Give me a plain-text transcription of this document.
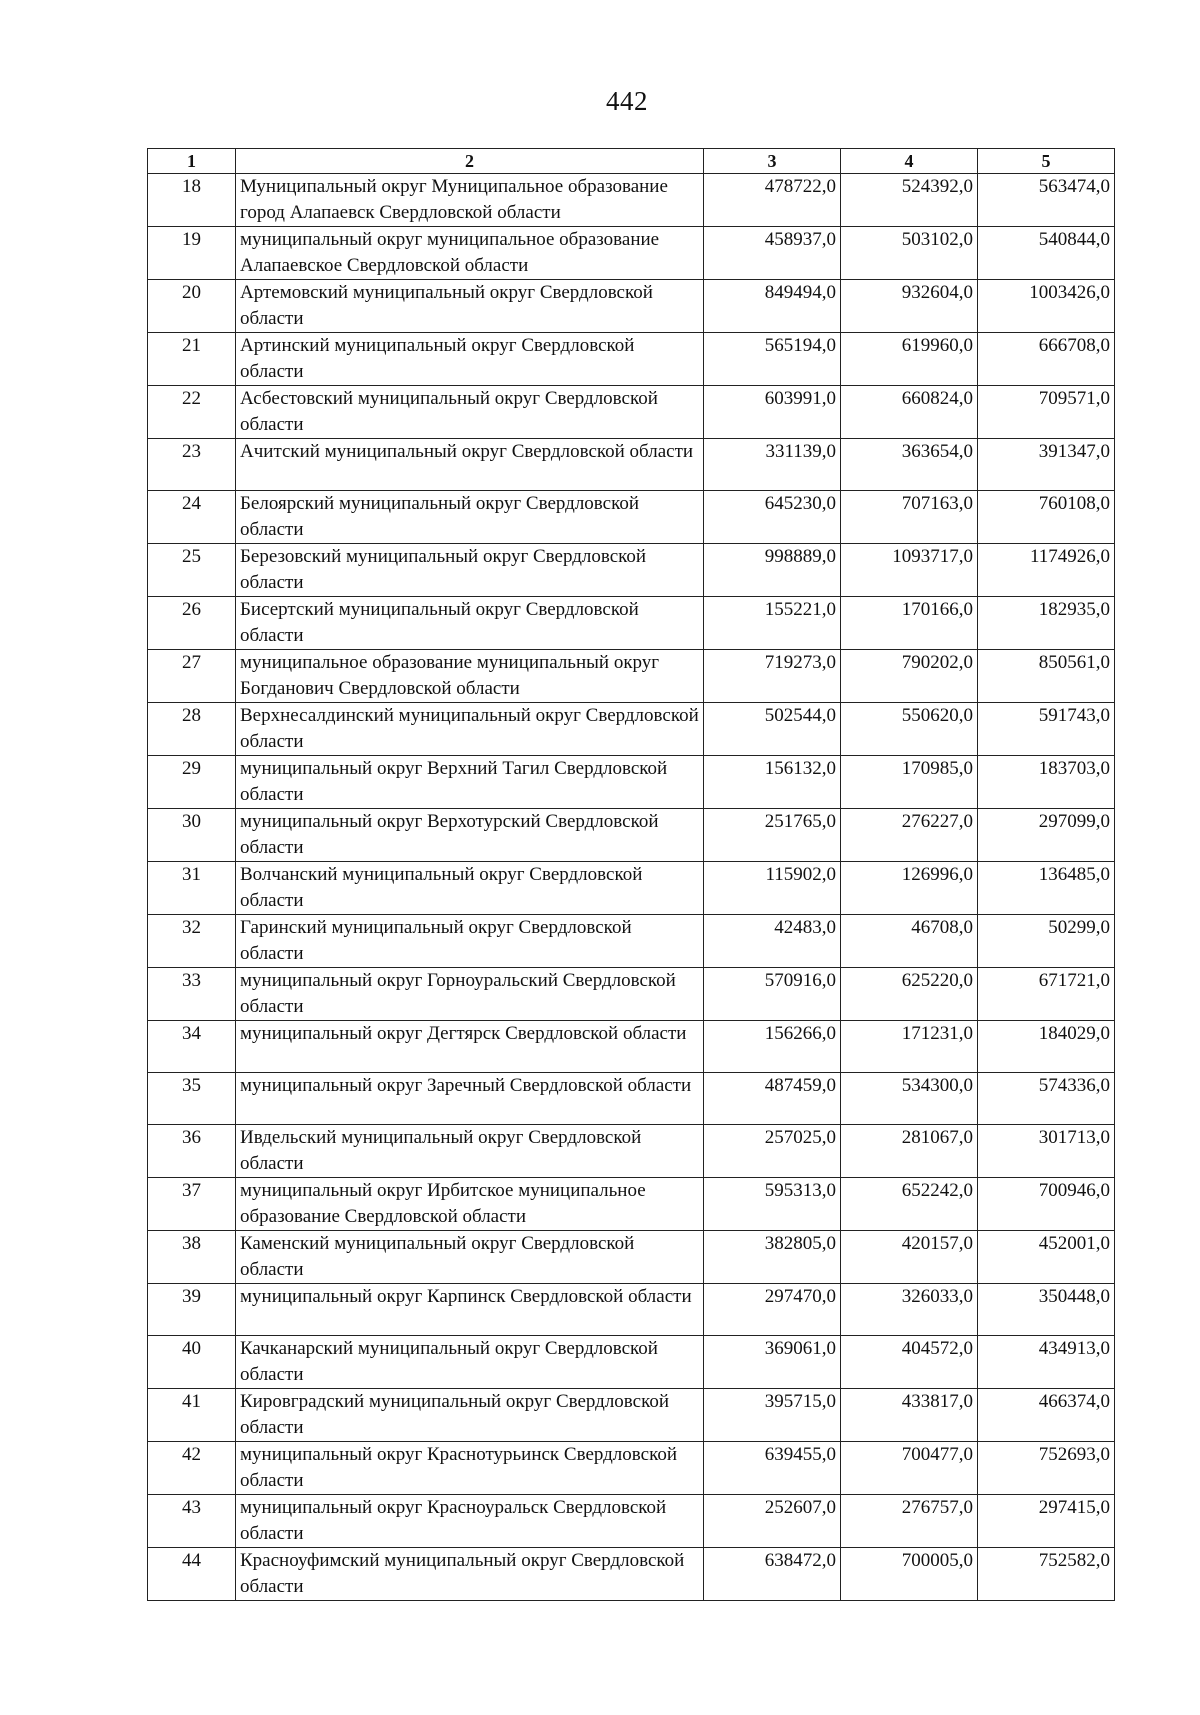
442
1	2	3	4	5
18	Муниципальный округ Муниципальное образование город Алапаевск Свердловской области	478722,0	524392,0	563474,0
19	муниципальный округ муниципальное образование Алапаевское Свердловской области	458937,0	503102,0	540844,0
20	Артемовский муниципальный округ Свердловской области	849494,0	932604,0	1003426,0
21	Артинский муниципальный округ Свердловской области	565194,0	619960,0	666708,0
22	Асбестовский муниципальный округ Свердловской области	603991,0	660824,0	709571,0
23	Ачитский муниципальный округ Свердловской области	331139,0	363654,0	391347,0
24	Белоярский муниципальный округ Свердловской области	645230,0	707163,0	760108,0
25	Березовский муниципальный округ Свердловской области	998889,0	1093717,0	1174926,0
26	Бисертский муниципальный округ Свердловской области	155221,0	170166,0	182935,0
27	муниципальное образование муниципальный округ Богданович Свердловской области	719273,0	790202,0	850561,0
28	Верхнесалдинский муниципальный округ Свердловской области	502544,0	550620,0	591743,0
29	муниципальный округ Верхний Тагил Свердловской области	156132,0	170985,0	183703,0
30	муниципальный округ Верхотурский Свердловской области	251765,0	276227,0	297099,0
31	Волчанский муниципальный округ Свердловской области	115902,0	126996,0	136485,0
32	Гаринский муниципальный округ Свердловской области	42483,0	46708,0	50299,0
33	муниципальный округ Горноуральский Свердловской области	570916,0	625220,0	671721,0
34	муниципальный округ Дегтярск Свердловской области	156266,0	171231,0	184029,0
35	муниципальный округ Заречный Свердловской области	487459,0	534300,0	574336,0
36	Ивдельский муниципальный округ Свердловской области	257025,0	281067,0	301713,0
37	муниципальный округ Ирбитское муниципальное образование Свердловской области	595313,0	652242,0	700946,0
38	Каменский муниципальный округ Свердловской области	382805,0	420157,0	452001,0
39	муниципальный округ Карпинск Свердловской области	297470,0	326033,0	350448,0
40	Качканарский муниципальный округ Свердловской области	369061,0	404572,0	434913,0
41	Кировградский муниципальный округ Свердловской области	395715,0	433817,0	466374,0
42	муниципальный округ Краснотурьинск Свердловской области	639455,0	700477,0	752693,0
43	муниципальный округ Красноуральск Свердловской области	252607,0	276757,0	297415,0
44	Красноуфимский муниципальный округ Свердловской области	638472,0	700005,0	752582,0
